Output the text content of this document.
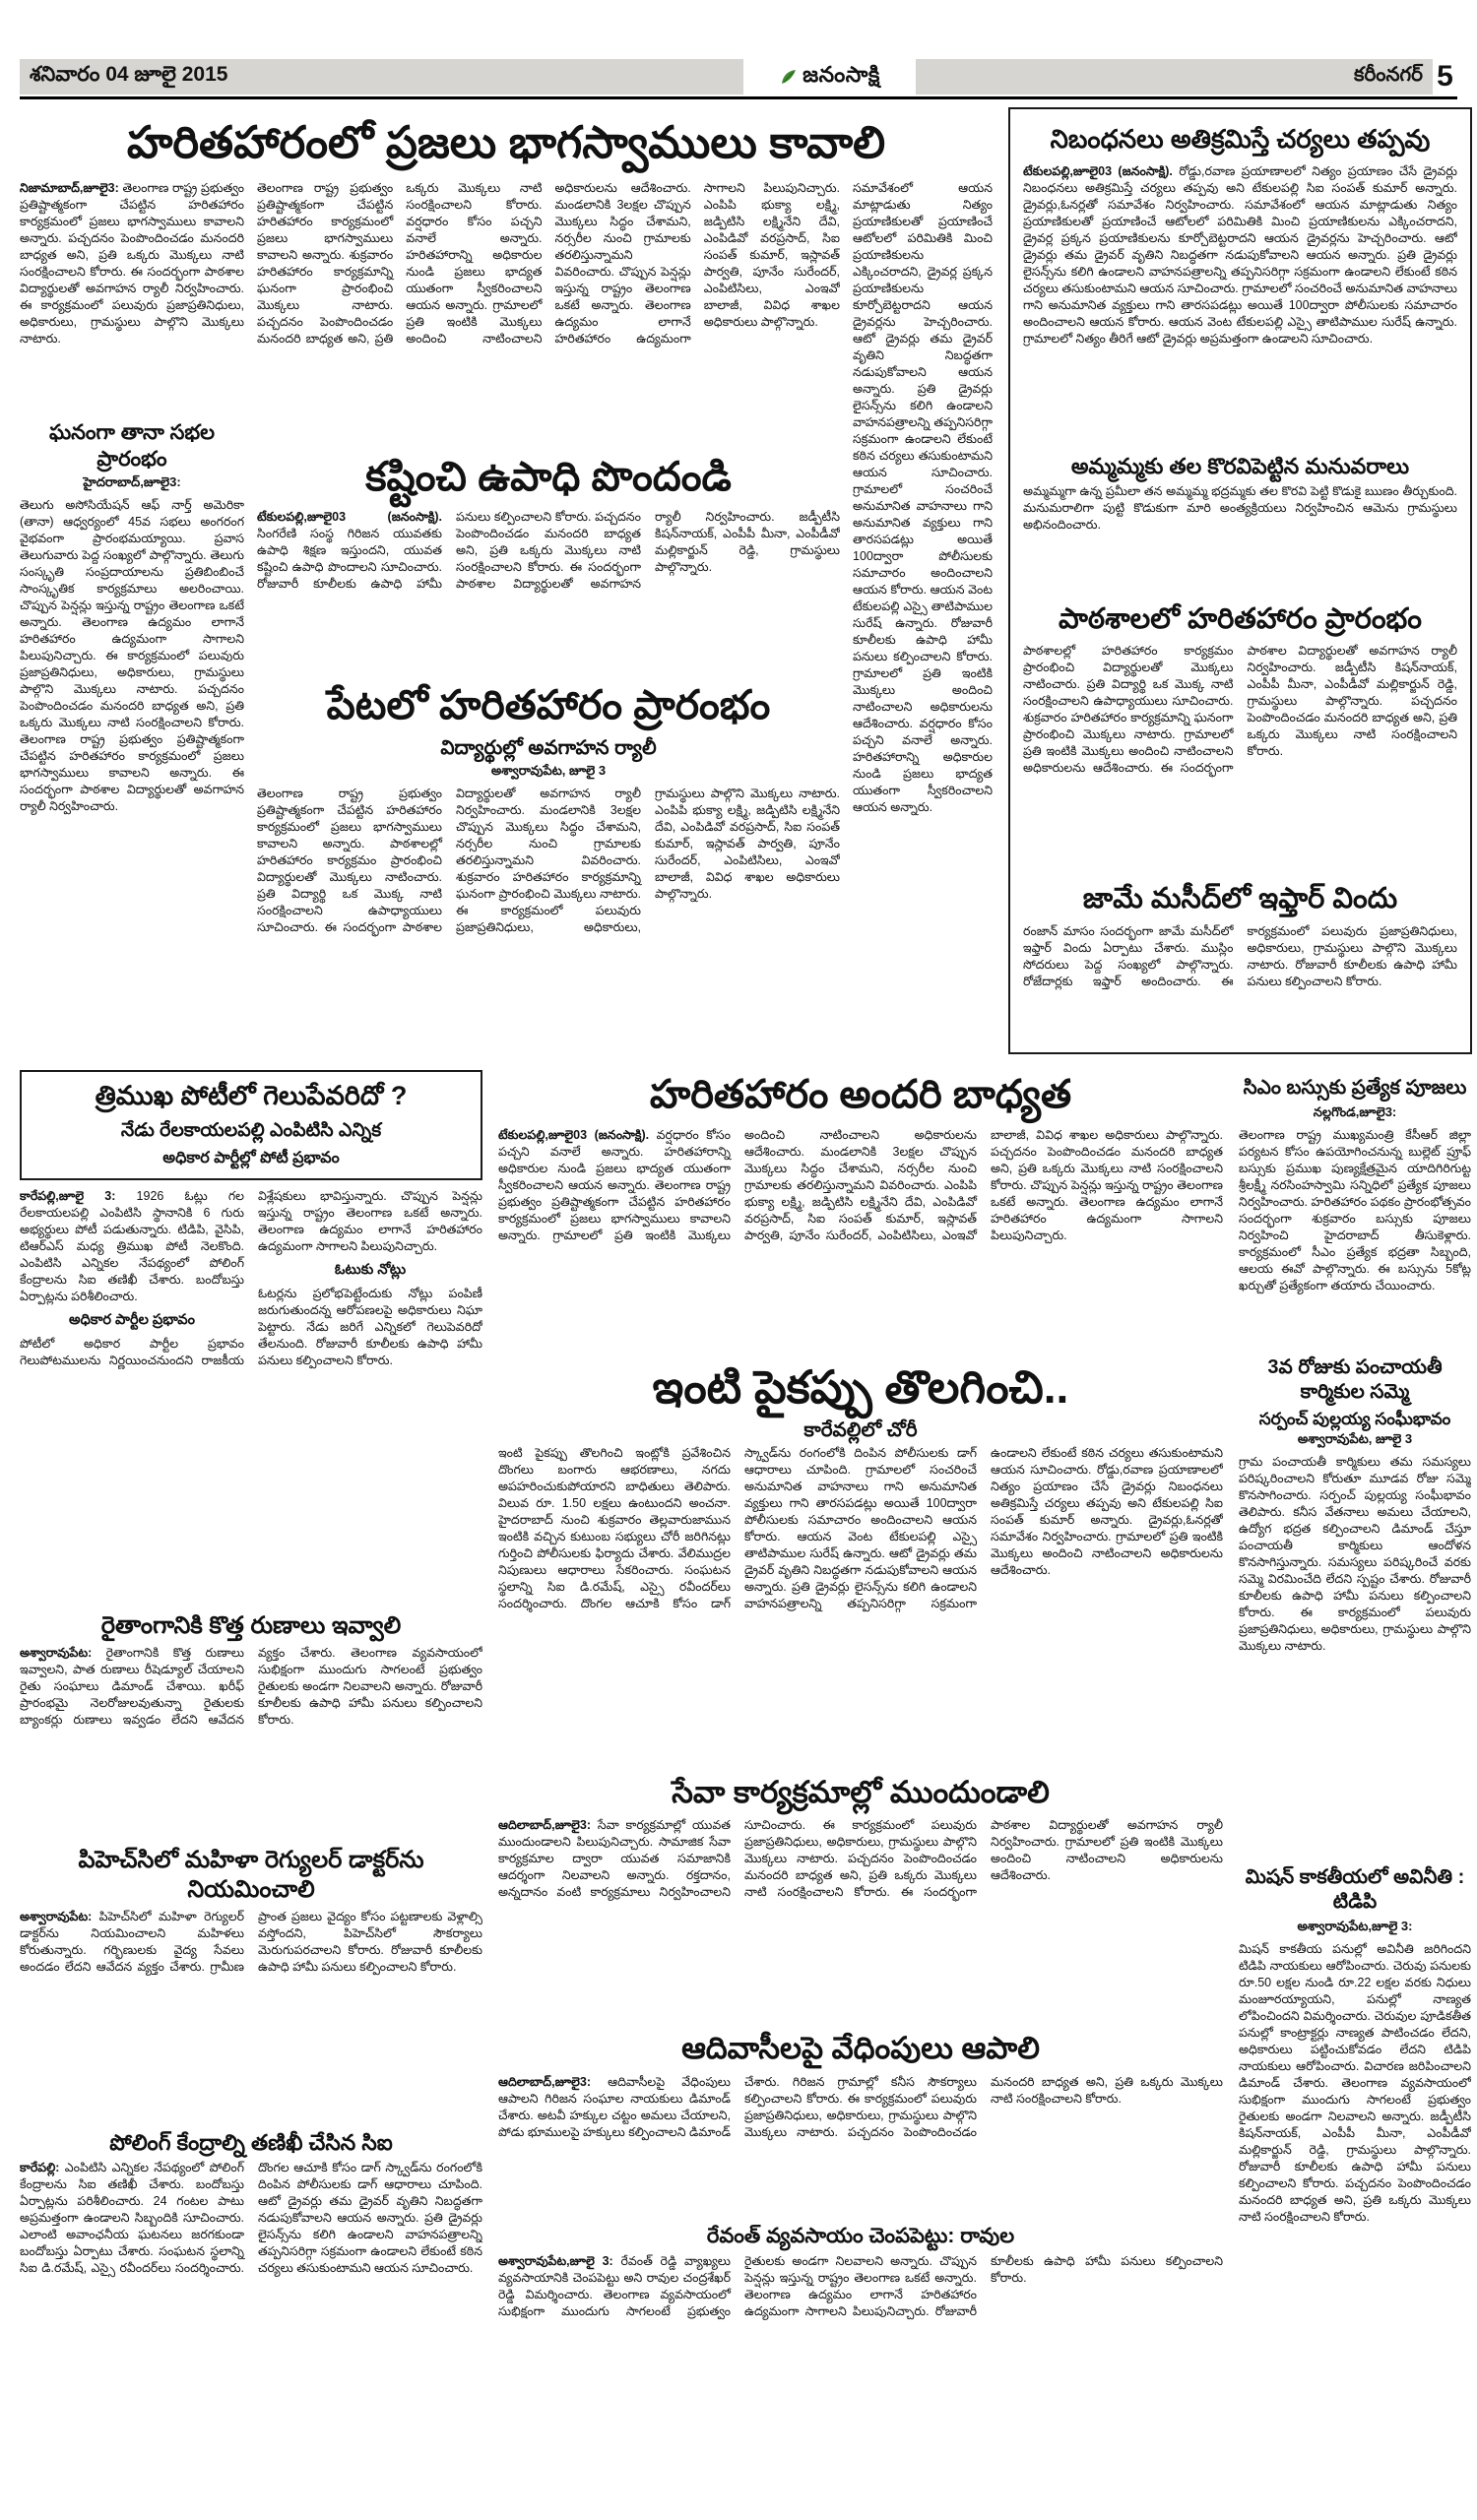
శనివారం 04 జూలై 2015	జనంసాక్షి	కరీంనగర్ 5
హరితహారంలో ప్రజలు భాగస్వాములు కావాలి
నిజామాబాద్,జూలై3: తెలంగాణ రాష్ట్ర ప్రభుత్వం ప్రతిష్టాత్మకంగా చేపట్టిన హరితహారం కార్యక్రమంలో ప్రజలు భాగస్వాములు కావాలని అన్నారు. పచ్చదనం పెంపొందించడం మనందరి బాధ్యత అని, ప్రతి ఒక్కరు మొక్కలు నాటి సంరక్షించాలని కోరారు. ఈ సందర్భంగా పాఠశాల విద్యార్థులతో అవగాహన ర్యాలీ నిర్వహించారు. ఈ కార్యక్రమంలో పలువురు ప్రజాప్రతినిధులు, అధికారులు, గ్రామస్థులు పాల్గొని మొక్కలు నాటారు.
ఘనంగా తానా సభల ప్రారంభం
హైదరాబాద్,జూలై3:
తెలుగు అసోసియేషన్ ఆఫ్ నార్త్ అమెరికా (తానా) ఆధ్వర్యంలో 45వ సభలు అంగరంగ వైభవంగా ప్రారంభమయ్యాయి. ప్రవాస తెలుగువారు పెద్ద సంఖ్యలో పాల్గొన్నారు. తెలుగు సంస్కృతి సంప్రదాయాలను ప్రతిబింబించే సాంస్కృతిక కార్యక్రమాలు అలరించాయి. చొప్పున పెన్షన్లు ఇస్తున్న రాష్ట్రం తెలంగాణ ఒకటే అన్నారు. తెలంగాణ ఉద్యమం లాగానే హరితహారం ఉద్యమంగా సాగాలని పిలుపునిచ్చారు. ఈ కార్యక్రమంలో పలువురు ప్రజాప్రతినిధులు, అధికారులు, గ్రామస్థులు పాల్గొని మొక్కలు నాటారు. పచ్చదనం పెంపొందించడం మనందరి బాధ్యత అని, ప్రతి ఒక్కరు మొక్కలు నాటి సంరక్షించాలని కోరారు. తెలంగాణ రాష్ట్ర ప్రభుత్వం ప్రతిష్టాత్మకంగా చేపట్టిన హరితహారం కార్యక్రమంలో ప్రజలు భాగస్వాములు కావాలని అన్నారు. ఈ సందర్భంగా పాఠశాల విద్యార్థులతో అవగాహన ర్యాలీ నిర్వహించారు.
తెలంగాణ రాష్ట్ర ప్రభుత్వం ప్రతిష్టాత్మకంగా చేపట్టిన హరితహారం కార్యక్రమంలో ప్రజలు భాగస్వాములు కావాలని అన్నారు. శుక్రవారం హరితహారం కార్యక్రమాన్ని ఘనంగా ప్రారంభించి మొక్కలు నాటారు. పచ్చదనం పెంపొందించడం మనందరి బాధ్యత అని, ప్రతి ఒక్కరు మొక్కలు నాటి సంరక్షించాలని కోరారు. వర్షధారం కోసం పచ్చని వనాలే అన్నారు. హరితహారాన్ని అధికారుల నుండి ప్రజలు భాద్యత యుతంగా స్వీకరించాలని ఆయన అన్నారు. గ్రామాలలో ప్రతి ఇంటికి మొక్కలు అందించి నాటించాలని అధికారులను ఆదేశించారు. మండలానికి 3లక్షల చొప్పున మొక్కలు సిద్ధం చేశామని, నర్సరీల నుంచి గ్రామాలకు తరలిస్తున్నామని వివరించారు. చొప్పున పెన్షన్లు ఇస్తున్న రాష్ట్రం తెలంగాణ ఒకటే అన్నారు. తెలంగాణ ఉద్యమం లాగానే హరితహారం ఉద్యమంగా సాగాలని పిలుపునిచ్చారు. ఎంపిపి భుక్యా లక్ష్మి, జడ్పిటిసి లక్ష్మినేని దేవి, ఎంపిడివో వరప్రసాద్, సిఐ సంపత్ కుమార్, ఇస్లావత్ పార్వతి, పూనేం సురేందర్, ఎంపిటిసిలు, ఎంఇవో బాలాజీ, వివిధ శాఖల అధికారులు పాల్గొన్నారు.
కష్టించి ఉపాధి పొందండి
టేకులపల్లి,జూలై03 (జనంసాక్షి). సింగరేణి సంస్థ గిరిజన యువతకు ఉపాధి శిక్షణ ఇస్తుందని, యువత కష్టించి ఉపాధి పొందాలని సూచించారు. రోజువారీ కూలీలకు ఉపాధి హామీ పనులు కల్పించాలని కోరారు. పచ్చదనం పెంపొందించడం మనందరి బాధ్యత అని, ప్రతి ఒక్కరు మొక్కలు నాటి సంరక్షించాలని కోరారు. ఈ సందర్భంగా పాఠశాల విద్యార్థులతో అవగాహన ర్యాలీ నిర్వహించారు. జడ్పీటీసి కిషన్‌నాయక్, ఎంపీపీ మీనా, ఎంపీడీవో మల్లికార్జున్ రెడ్డి, గ్రామస్థులు పాల్గొన్నారు.
పేటలో హరితహారం ప్రారంభం
విద్యార్థుల్లో అవగాహన ర్యాలీ
అశ్వారావుపేట, జూలై 3
తెలంగాణ రాష్ట్ర ప్రభుత్వం ప్రతిష్టాత్మకంగా చేపట్టిన హరితహారం కార్యక్రమంలో ప్రజలు భాగస్వాములు కావాలని అన్నారు. పాఠశాలల్లో హరితహారం కార్యక్రమం ప్రారంభించి విద్యార్థులతో మొక్కలు నాటించారు. ప్రతి విద్యార్థి ఒక మొక్క నాటి సంరక్షించాలని ఉపాధ్యాయులు సూచించారు. ఈ సందర్భంగా పాఠశాల విద్యార్థులతో అవగాహన ర్యాలీ నిర్వహించారు. మండలానికి 3లక్షల చొప్పున మొక్కలు సిద్ధం చేశామని, నర్సరీల నుంచి గ్రామాలకు తరలిస్తున్నామని వివరించారు. శుక్రవారం హరితహారం కార్యక్రమాన్ని ఘనంగా ప్రారంభించి మొక్కలు నాటారు. ఈ కార్యక్రమంలో పలువురు ప్రజాప్రతినిధులు, అధికారులు, గ్రామస్థులు పాల్గొని మొక్కలు నాటారు. ఎంపిపి భుక్యా లక్ష్మి, జడ్పిటిసి లక్ష్మినేని దేవి, ఎంపిడివో వరప్రసాద్, సిఐ సంపత్ కుమార్, ఇస్లావత్ పార్వతి, పూనేం సురేందర్, ఎంపిటిసిలు, ఎంఇవో బాలాజీ, వివిధ శాఖల అధికారులు పాల్గొన్నారు.
సమావేశంలో ఆయన మాట్లాడుతు నిత్యం ప్రయాణికులతో ప్రయాణించే ఆటోలలో పరిమితికి మించి ప్రయాణికులను ఎక్కించరాదని, డ్రైవర్ల ప్రక్కన ప్రయాణికులను కూర్చోబెట్టరాదని ఆయన డ్రైవర్లను హెచ్చరించారు. ఆటో డ్రైవర్లు తమ డ్రైవర్ వృతిని నిబద్ధతగా నడుపుకోవాలని ఆయన అన్నారు. ప్రతి డ్రైవర్లు లైసన్స్‌ను కలిగి ఉండాలని వాహనపత్రాలన్ని తప్పనిసరిగ్గా సక్రమంగా ఉండాలని లేకుంటే కఠిన చర్యలు తసుకుంటామని ఆయన సూచించారు. గ్రామాలలో సంచరించే అనుమానిత వాహనాలు గాని అనుమానిత వ్యక్తులు గాని తారసపడట్లు అయితే 100ద్వారా పోలీసులకు సమాచారం అందించాలని ఆయన కోరారు. ఆయన వెంట టేకులపల్లి ఎస్సై తాటిపాముల సురేష్ ఉన్నారు. రోజువారీ కూలీలకు ఉపాధి హామీ పనులు కల్పించాలని కోరారు. గ్రామాలలో ప్రతి ఇంటికి మొక్కలు అందించి నాటించాలని అధికారులను ఆదేశించారు. వర్షధారం కోసం పచ్చని వనాలే అన్నారు. హరితహారాన్ని అధికారుల నుండి ప్రజలు భాద్యత యుతంగా స్వీకరించాలని ఆయన అన్నారు.
నిబంధనలు అతిక్రమిస్తే చర్యలు తప్పవు
టేకులపల్లి,జూలై03 (జనంసాక్షి). రోడ్డు,రవాణ ప్రయాణాలలో నిత్యం ప్రయాణం చేసే డ్రైవర్లు నిబంధనలు అతిక్రమిస్తే చర్యలు తప్పవు అని టేకులపల్లి సిఐ సంపత్ కుమార్ అన్నారు. డ్రైవర్లు,ఓనర్లతో సమావేశం నిర్వహించారు. సమావేశంలో ఆయన మాట్లాడుతు నిత్యం ప్రయాణికులతో ప్రయాణించే ఆటోలలో పరిమితికి మించి ప్రయాణికులను ఎక్కించరాదని, డ్రైవర్ల ప్రక్కన ప్రయాణికులను కూర్చోబెట్టరాదని ఆయన డ్రైవర్లను హెచ్చరించారు. ఆటో డ్రైవర్లు తమ డ్రైవర్ వృతిని నిబద్ధతగా నడుపుకోవాలని ఆయన అన్నారు. ప్రతి డ్రైవర్లు లైసన్స్‌ను కలిగి ఉండాలని వాహనపత్రాలన్ని తప్పనిసరిగ్గా సక్రమంగా ఉండాలని లేకుంటే కఠిన చర్యలు తసుకుంటామని ఆయన సూచించారు. గ్రామాలలో సంచరించే అనుమానిత వాహనాలు గాని అనుమానిత వ్యక్తులు గాని తారసపడట్లు అయితే 100ద్వారా పోలీసులకు సమాచారం అందించాలని ఆయన కోరారు. ఆయన వెంట టేకులపల్లి ఎస్సై తాటిపాముల సురేష్ ఉన్నారు. గ్రామాలలో నిత్యం తీరిగే ఆటో డ్రైవర్లు అప్రమత్తంగా ఉండాలని సూచించారు.
అమ్మమ్మకు తల కొరవిపెట్టిన మనువరాలు
అమ్మమ్మగా ఉన్న ప్రమీలా తన అమ్మమ్మ భద్రమ్మకు తల కొరవి పెట్టి కొడుకై ఋణం తీర్చుకుంది. మనుమరాలిగా పుట్టి కొడుకుగా మారి అంత్యక్రియలు నిర్వహించిన ఆమెను గ్రామస్థులు అభినందించారు.
పాఠశాలలో హరితహారం ప్రారంభం
పాఠశాలల్లో హరితహారం కార్యక్రమం ప్రారంభించి విద్యార్థులతో మొక్కలు నాటించారు. ప్రతి విద్యార్థి ఒక మొక్క నాటి సంరక్షించాలని ఉపాధ్యాయులు సూచించారు. శుక్రవారం హరితహారం కార్యక్రమాన్ని ఘనంగా ప్రారంభించి మొక్కలు నాటారు. గ్రామాలలో ప్రతి ఇంటికి మొక్కలు అందించి నాటించాలని అధికారులను ఆదేశించారు. ఈ సందర్భంగా పాఠశాల విద్యార్థులతో అవగాహన ర్యాలీ నిర్వహించారు. జడ్పీటీసి కిషన్‌నాయక్, ఎంపీపీ మీనా, ఎంపీడీవో మల్లికార్జున్ రెడ్డి, గ్రామస్థులు పాల్గొన్నారు. పచ్చదనం పెంపొందించడం మనందరి బాధ్యత అని, ప్రతి ఒక్కరు మొక్కలు నాటి సంరక్షించాలని కోరారు.
జామే మసీద్‌లో ఇఫ్తార్ విందు
రంజాన్ మాసం సందర్భంగా జామే మసీద్‌లో ఇఫ్తార్ విందు ఏర్పాటు చేశారు. ముస్లిం సోదరులు పెద్ద సంఖ్యలో పాల్గొన్నారు. రోజేదార్లకు ఇఫ్తార్ అందించారు. ఈ కార్యక్రమంలో పలువురు ప్రజాప్రతినిధులు, అధికారులు, గ్రామస్థులు పాల్గొని మొక్కలు నాటారు. రోజువారీ కూలీలకు ఉపాధి హామీ పనులు కల్పించాలని కోరారు.
త్రిముఖ పోటీలో గెలుపేవరిదో ?
నేడు రేలకాయలపల్లి ఎంపిటిసి ఎన్నిక
అధికార పార్టీల్లో పోటీ ప్రభావం
కారేపల్లి,జూలై 3: 1926 ఓట్లు గల రేలకాయలపల్లి ఎంపిటిసి స్థానానికి 6 గురు అభ్యర్థులు పోటీ పడుతున్నారు. టిడిపి, వైసిపి, టిఆర్ఎస్ మధ్య త్రిముఖ పోటీ నెలకొంది. ఎంపిటిసి ఎన్నికల నేపథ్యంలో పోలింగ్ కేంద్రాలను సిఐ తణిఖీ చేశారు. బందోబస్తు ఏర్పాట్లను పరిశీలించారు.
అధికార పార్టీల ప్రభావం
పోటీలో అధికార పార్టీల ప్రభావం గెలుపోటములను నిర్ణయించనుందని రాజకీయ విశ్లేషకులు భావిస్తున్నారు. చొప్పున పెన్షన్లు ఇస్తున్న రాష్ట్రం తెలంగాణ ఒకటే అన్నారు. తెలంగాణ ఉద్యమం లాగానే హరితహారం ఉద్యమంగా సాగాలని పిలుపునిచ్చారు.
ఓటుకు నోట్లు
ఓటర్లను ప్రలోభపెట్టేందుకు నోట్లు పంపిణీ జరుగుతుందన్న ఆరోపణలపై అధికారులు నిఘా పెట్టారు. నేడు జరిగే ఎన్నికలో గెలుపెవరిదో తేలనుంది. రోజువారీ కూలీలకు ఉపాధి హామీ పనులు కల్పించాలని కోరారు.
రైతాంగానికి కొత్త రుణాలు ఇవ్వాలి
అశ్వారావుపేట: రైతాంగానికి కొత్త రుణాలు ఇవ్వాలని, పాత రుణాలు రీషెడ్యూల్ చేయాలని రైతు సంఘాలు డిమాండ్ చేశాయి. ఖరీఫ్ ప్రారంభమై నెలరోజులవుతున్నా రైతులకు బ్యాంకర్లు రుణాలు ఇవ్వడం లేదని ఆవేదన వ్యక్తం చేశారు. తెలంగాణ వ్యవసాయంలో సుభిక్షంగా ముందుగు సాగలంటే ప్రభుత్వం రైతులకు అండగా నిలవాలని అన్నారు. రోజువారీ కూలీలకు ఉపాధి హామీ పనులు కల్పించాలని కోరారు.
పిహెచ్‌సిలో మహిళా రెగ్యులర్ డాక్టర్‌ను నియమించాలి
అశ్వారావుపేట: పిహెచ్‌సిలో మహిళా రెగ్యులర్ డాక్టర్‌ను నియమించాలని మహిళలు కోరుతున్నారు. గర్భిణులకు వైద్య సేవలు అందడం లేదని ఆవేదన వ్యక్తం చేశారు. గ్రామీణ ప్రాంత ప్రజలు వైద్యం కోసం పట్టణాలకు వెళ్లాల్సి వస్తోందని, పిహెచ్‌సిలో సౌకర్యాలు మెరుగుపరచాలని కోరారు. రోజువారీ కూలీలకు ఉపాధి హామీ పనులు కల్పించాలని కోరారు.
పోలింగ్ కేంద్రాల్ని తణిఖీ చేసిన సిఐ
కారేపల్లి: ఎంపిటిసి ఎన్నికల నేపథ్యంలో పోలింగ్ కేంద్రాలను సిఐ తణిఖీ చేశారు. బందోబస్తు ఏర్పాట్లను పరిశీలించారు. 24 గంటల పాటు అప్రమత్తంగా ఉండాలని సిబ్బందికి సూచించారు. ఎలాంటి అవాంఛనీయ ఘటనలు జరగకుండా బందోబస్తు ఏర్పాటు చేశారు. సంఘటన స్థలాన్ని సిఐ డి.రమేష్, ఎస్సై రవీందర్‌లు సందర్శించారు. దొంగల ఆచూకి కోసం డాగ్ స్క్వాడ్‌ను రంగంలోకి దింపిన పోలీసులకు డాగ్ ఆధారాలు చూపింది. ఆటో డ్రైవర్లు తమ డ్రైవర్ వృతిని నిబద్ధతగా నడుపుకోవాలని ఆయన అన్నారు. ప్రతి డ్రైవర్లు లైసన్స్‌ను కలిగి ఉండాలని వాహనపత్రాలన్ని తప్పనిసరిగ్గా సక్రమంగా ఉండాలని లేకుంటే కఠిన చర్యలు తసుకుంటామని ఆయన సూచించారు.
హరితహారం అందరి బాధ్యత
టేకులపల్లి,జూలై03 (జనంసాక్షి). వర్షధారం కోసం పచ్చని వనాలే అన్నారు. హరితహారాన్ని అధికారుల నుండి ప్రజలు భాద్యత యుతంగా స్వీకరించాలని ఆయన అన్నారు. తెలంగాణ రాష్ట్ర ప్రభుత్వం ప్రతిష్టాత్మకంగా చేపట్టిన హరితహారం కార్యక్రమంలో ప్రజలు భాగస్వాములు కావాలని అన్నారు. గ్రామాలలో ప్రతి ఇంటికి మొక్కలు అందించి నాటించాలని అధికారులను ఆదేశించారు. మండలానికి 3లక్షల చొప్పున మొక్కలు సిద్ధం చేశామని, నర్సరీల నుంచి గ్రామాలకు తరలిస్తున్నామని వివరించారు. ఎంపిపి భుక్యా లక్ష్మి, జడ్పిటిసి లక్ష్మినేని దేవి, ఎంపిడివో వరప్రసాద్, సిఐ సంపత్ కుమార్, ఇస్లావత్ పార్వతి, పూనేం సురేందర్, ఎంపిటిసిలు, ఎంఇవో బాలాజీ, వివిధ శాఖల అధికారులు పాల్గొన్నారు. పచ్చదనం పెంపొందించడం మనందరి బాధ్యత అని, ప్రతి ఒక్కరు మొక్కలు నాటి సంరక్షించాలని కోరారు. చొప్పున పెన్షన్లు ఇస్తున్న రాష్ట్రం తెలంగాణ ఒకటే అన్నారు. తెలంగాణ ఉద్యమం లాగానే హరితహారం ఉద్యమంగా సాగాలని పిలుపునిచ్చారు.
ఇంటి పైకప్పు తొలగించి..
కారేవల్లిలో చోరీ
ఇంటి పైకప్పు తొలగించి ఇంట్లోకి ప్రవేశించిన దొంగలు బంగారు ఆభరణాలు, నగదు అపహరించుకుపోయారని బాధితులు తెలిపారు. విలువ రూ. 1.50 లక్షలు ఉంటుందని అంచనా. హైదరాబాద్ నుంచి శుక్రవారం తెల్లవారుజామున ఇంటికి వచ్చిన కుటుంబ సభ్యులు చోరీ జరిగినట్లు గుర్తించి పోలీసులకు ఫిర్యాదు చేశారు. వేలిముద్రల నిపుణులు ఆధారాలు సేకరించారు. సంఘటన స్థలాన్ని సిఐ డి.రమేష్, ఎస్సై రవీందర్‌లు సందర్శించారు. దొంగల ఆచూకి కోసం డాగ్ స్క్వాడ్‌ను రంగంలోకి దింపిన పోలీసులకు డాగ్ ఆధారాలు చూపింది. గ్రామాలలో సంచరించే అనుమానిత వాహనాలు గాని అనుమానిత వ్యక్తులు గాని తారసపడట్లు అయితే 100ద్వారా పోలీసులకు సమాచారం అందించాలని ఆయన కోరారు. ఆయన వెంట టేకులపల్లి ఎస్సై తాటిపాముల సురేష్ ఉన్నారు. ఆటో డ్రైవర్లు తమ డ్రైవర్ వృతిని నిబద్ధతగా నడుపుకోవాలని ఆయన అన్నారు. ప్రతి డ్రైవర్లు లైసన్స్‌ను కలిగి ఉండాలని వాహనపత్రాలన్ని తప్పనిసరిగ్గా సక్రమంగా ఉండాలని లేకుంటే కఠిన చర్యలు తసుకుంటామని ఆయన సూచించారు. రోడ్డు,రవాణ ప్రయాణాలలో నిత్యం ప్రయాణం చేసే డ్రైవర్లు నిబంధనలు అతిక్రమిస్తే చర్యలు తప్పవు అని టేకులపల్లి సిఐ సంపత్ కుమార్ అన్నారు. డ్రైవర్లు,ఓనర్లతో సమావేశం నిర్వహించారు. గ్రామాలలో ప్రతి ఇంటికి మొక్కలు అందించి నాటించాలని అధికారులను ఆదేశించారు.
సేవా కార్యక్రమాల్లో ముందుండాలి
ఆదిలాబాద్,జూలై3: సేవా కార్యక్రమాల్లో యువత ముందుండాలని పిలుపునిచ్చారు. సామాజిక సేవా కార్యక్రమాల ద్వారా యువత సమాజానికి ఆదర్శంగా నిలవాలని అన్నారు. రక్తదానం, అన్నదానం వంటి కార్యక్రమాలు నిర్వహించాలని సూచించారు. ఈ కార్యక్రమంలో పలువురు ప్రజాప్రతినిధులు, అధికారులు, గ్రామస్థులు పాల్గొని మొక్కలు నాటారు. పచ్చదనం పెంపొందించడం మనందరి బాధ్యత అని, ప్రతి ఒక్కరు మొక్కలు నాటి సంరక్షించాలని కోరారు. ఈ సందర్భంగా పాఠశాల విద్యార్థులతో అవగాహన ర్యాలీ నిర్వహించారు. గ్రామాలలో ప్రతి ఇంటికి మొక్కలు అందించి నాటించాలని అధికారులను ఆదేశించారు.
ఆదివాసీలపై వేధింపులు ఆపాలి
ఆదిలాబాద్,జూలై3: ఆదివాసీలపై వేధింపులు ఆపాలని గిరిజన సంఘాల నాయకులు డిమాండ్ చేశారు. అటవీ హక్కుల చట్టం అమలు చేయాలని, పోడు భూములపై హక్కులు కల్పించాలని డిమాండ్ చేశారు. గిరిజన గ్రామాల్లో కనీస సౌకర్యాలు కల్పించాలని కోరారు. ఈ కార్యక్రమంలో పలువురు ప్రజాప్రతినిధులు, అధికారులు, గ్రామస్థులు పాల్గొని మొక్కలు నాటారు. పచ్చదనం పెంపొందించడం మనందరి బాధ్యత అని, ప్రతి ఒక్కరు మొక్కలు నాటి సంరక్షించాలని కోరారు.
రేవంత్ వ్యవసాయం చెంపపెట్టు: రావుల
అశ్వారావుపేట,జూలై 3: రేవంత్ రెడ్డి వ్యాఖ్యలు వ్యవసాయానికి చెంపపెట్టు అని రావుల చంద్రశేఖర్ రెడ్డి విమర్శించారు. తెలంగాణ వ్యవసాయంలో సుభిక్షంగా ముందుగు సాగలంటే ప్రభుత్వం రైతులకు అండగా నిలవాలని అన్నారు. చొప్పున పెన్షన్లు ఇస్తున్న రాష్ట్రం తెలంగాణ ఒకటే అన్నారు. తెలంగాణ ఉద్యమం లాగానే హరితహారం ఉద్యమంగా సాగాలని పిలుపునిచ్చారు. రోజువారీ కూలీలకు ఉపాధి హామీ పనులు కల్పించాలని కోరారు.
సిఎం బస్సుకు ప్రత్యేక పూజలు
నల్లగొండ,జూలై3:
తెలంగాణ రాష్ట్ర ముఖ్యమంత్రి కేసీఆర్ జిల్లా పర్యటన కోసం ఉపయోగించనున్న బుల్లెట్ ప్రూఫ్ బస్సుకు ప్రముఖ పుణ్యక్షేత్రమైన యాదిగిరిగుట్ట శ్రీలక్ష్మీ నరసింహస్వామి సన్నిధిలో ప్రత్యేక పూజలు నిర్వహించారు. హరితహారం పథకం ప్రారంభోత్సవం సందర్భంగా శుక్రవారం బస్సుకు పూజలు నిర్వహించి హైదరాబాద్ తీసుకెళ్లారు. కార్యక్రమంలో సీఎం ప్రత్యేక భద్రతా సిబ్బంది, ఆలయ ఈవో పాల్గొన్నారు. ఈ బస్సును 5కోట్ల ఖర్చుతో ప్రత్యేకంగా తయారు చేయించారు.
3వ రోజుకు పంచాయతీ కార్మికుల సమ్మె
సర్పంచ్ పుల్లయ్య సంఘీభావం
అశ్వారావుపేట, జూలై 3
గ్రామ పంచాయతీ కార్మికులు తమ సమస్యలు పరిష్కరించాలని కోరుతూ మూడవ రోజు సమ్మె కొనసాగించారు. సర్పంచ్ పుల్లయ్య సంఘీభావం తెలిపారు. కనీస వేతనాలు అమలు చేయాలని, ఉద్యోగ భద్రత కల్పించాలని డిమాండ్ చేస్తూ పంచాయతీ కార్మికులు ఆందోళన కొనసాగిస్తున్నారు. సమస్యలు పరిష్కరించే వరకు సమ్మె విరమించేది లేదని స్పష్టం చేశారు. రోజువారీ కూలీలకు ఉపాధి హామీ పనులు కల్పించాలని కోరారు. ఈ కార్యక్రమంలో పలువురు ప్రజాప్రతినిధులు, అధికారులు, గ్రామస్థులు పాల్గొని మొక్కలు నాటారు.
మిషన్ కాకతీయలో అవినీతి : టిడిపి
అశ్వారావుపేట,జూలై 3:
మిషన్ కాకతీయ పనుల్లో అవినీతి జరిగిందని టిడిపి నాయకులు ఆరోపించారు. చెరువు పనులకు రూ.50 లక్షల నుండి రూ.22 లక్షల వరకు నిధులు మంజూరయ్యాయని, పనుల్లో నాణ్యత లోపించిందని విమర్శించారు. చెరువుల పూడికతీత పనుల్లో కాంట్రాక్టర్లు నాణ్యత పాటించడం లేదని, అధికారులు పట్టించుకోవడం లేదని టిడిపి నాయకులు ఆరోపించారు. విచారణ జరిపించాలని డిమాండ్ చేశారు. తెలంగాణ వ్యవసాయంలో సుభిక్షంగా ముందుగు సాగలంటే ప్రభుత్వం రైతులకు అండగా నిలవాలని అన్నారు. జడ్పీటీసి కిషన్‌నాయక్, ఎంపీపీ మీనా, ఎంపీడీవో మల్లికార్జున్ రెడ్డి, గ్రామస్థులు పాల్గొన్నారు. రోజువారీ కూలీలకు ఉపాధి హామీ పనులు కల్పించాలని కోరారు. పచ్చదనం పెంపొందించడం మనందరి బాధ్యత అని, ప్రతి ఒక్కరు మొక్కలు నాటి సంరక్షించాలని కోరారు.
